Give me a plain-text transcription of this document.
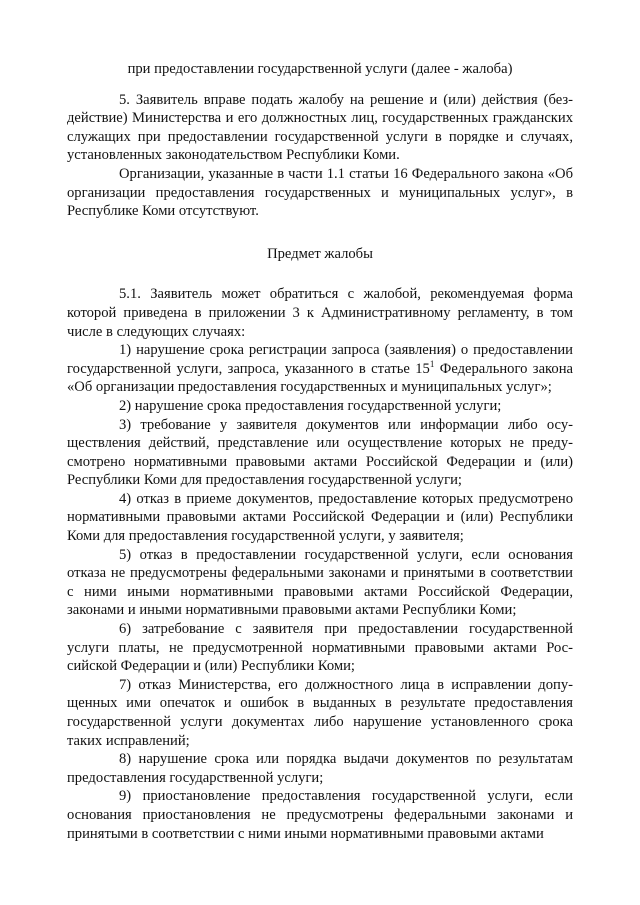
при предоставлении государственной услуги (далее - жалоба)

5. Заявитель вправе подать жалобу на решение и (или) действия (бездействие) Министерства и его должностных лиц, государственных гражданских служащих при предоставлении государственной услуги в порядке и случаях, установленных законодательством Республики Коми.

Организации, указанные в части 1.1 статьи 16 Федерального закона «Об организации предоставления государственных и муниципальных услуг», в Республике Коми отсутствуют.

Предмет жалобы

5.1. Заявитель может обратиться с жалобой, рекомендуемая форма которой приведена в приложении 3 к Административному регламенту, в том числе в следующих случаях:

1) нарушение срока регистрации запроса (заявления) о предоставлении государственной услуги, запроса, указанного в статье $15^1$ Федерального закона «Об организации предоставления государственных и муниципальных услуг»;

2) нарушение срока предоставления государственной услуги;

3) требование у заявителя документов или информации либо осуществления действий, представление или осуществление которых не предусмотрено нормативными правовыми актами Российской Федерации и (или) Республики Коми для предоставления государственной услуги;

4) отказ в приеме документов, предоставление которых предусмотрено нормативными правовыми актами Российской Федерации и (или) Республики Коми для предоставления государственной услуги, у заявителя;

5) отказ в предоставлении государственной услуги, если основания отказа не предусмотрены федеральными законами и принятыми в соответствии с ними иными нормативными правовыми актами Российской Федерации, законами и иными нормативными правовыми актами Республики Коми;

6) затребование с заявителя при предоставлении государственной услуги платы, не предусмотренной нормативными правовыми актами Российской Федерации и (или) Республики Коми;

7) отказ Министерства, его должностного лица в исправлении допущенных ими опечаток и ошибок в выданных в результате предоставления государственной услуги документах либо нарушение установленного срока таких исправлений;

8) нарушение срока или порядка выдачи документов по результатам предоставления государственной услуги;

9) приостановление предоставления государственной услуги, если основания приостановления не предусмотрены федеральными законами и принятыми в соответствии с ними иными нормативными правовыми актами
